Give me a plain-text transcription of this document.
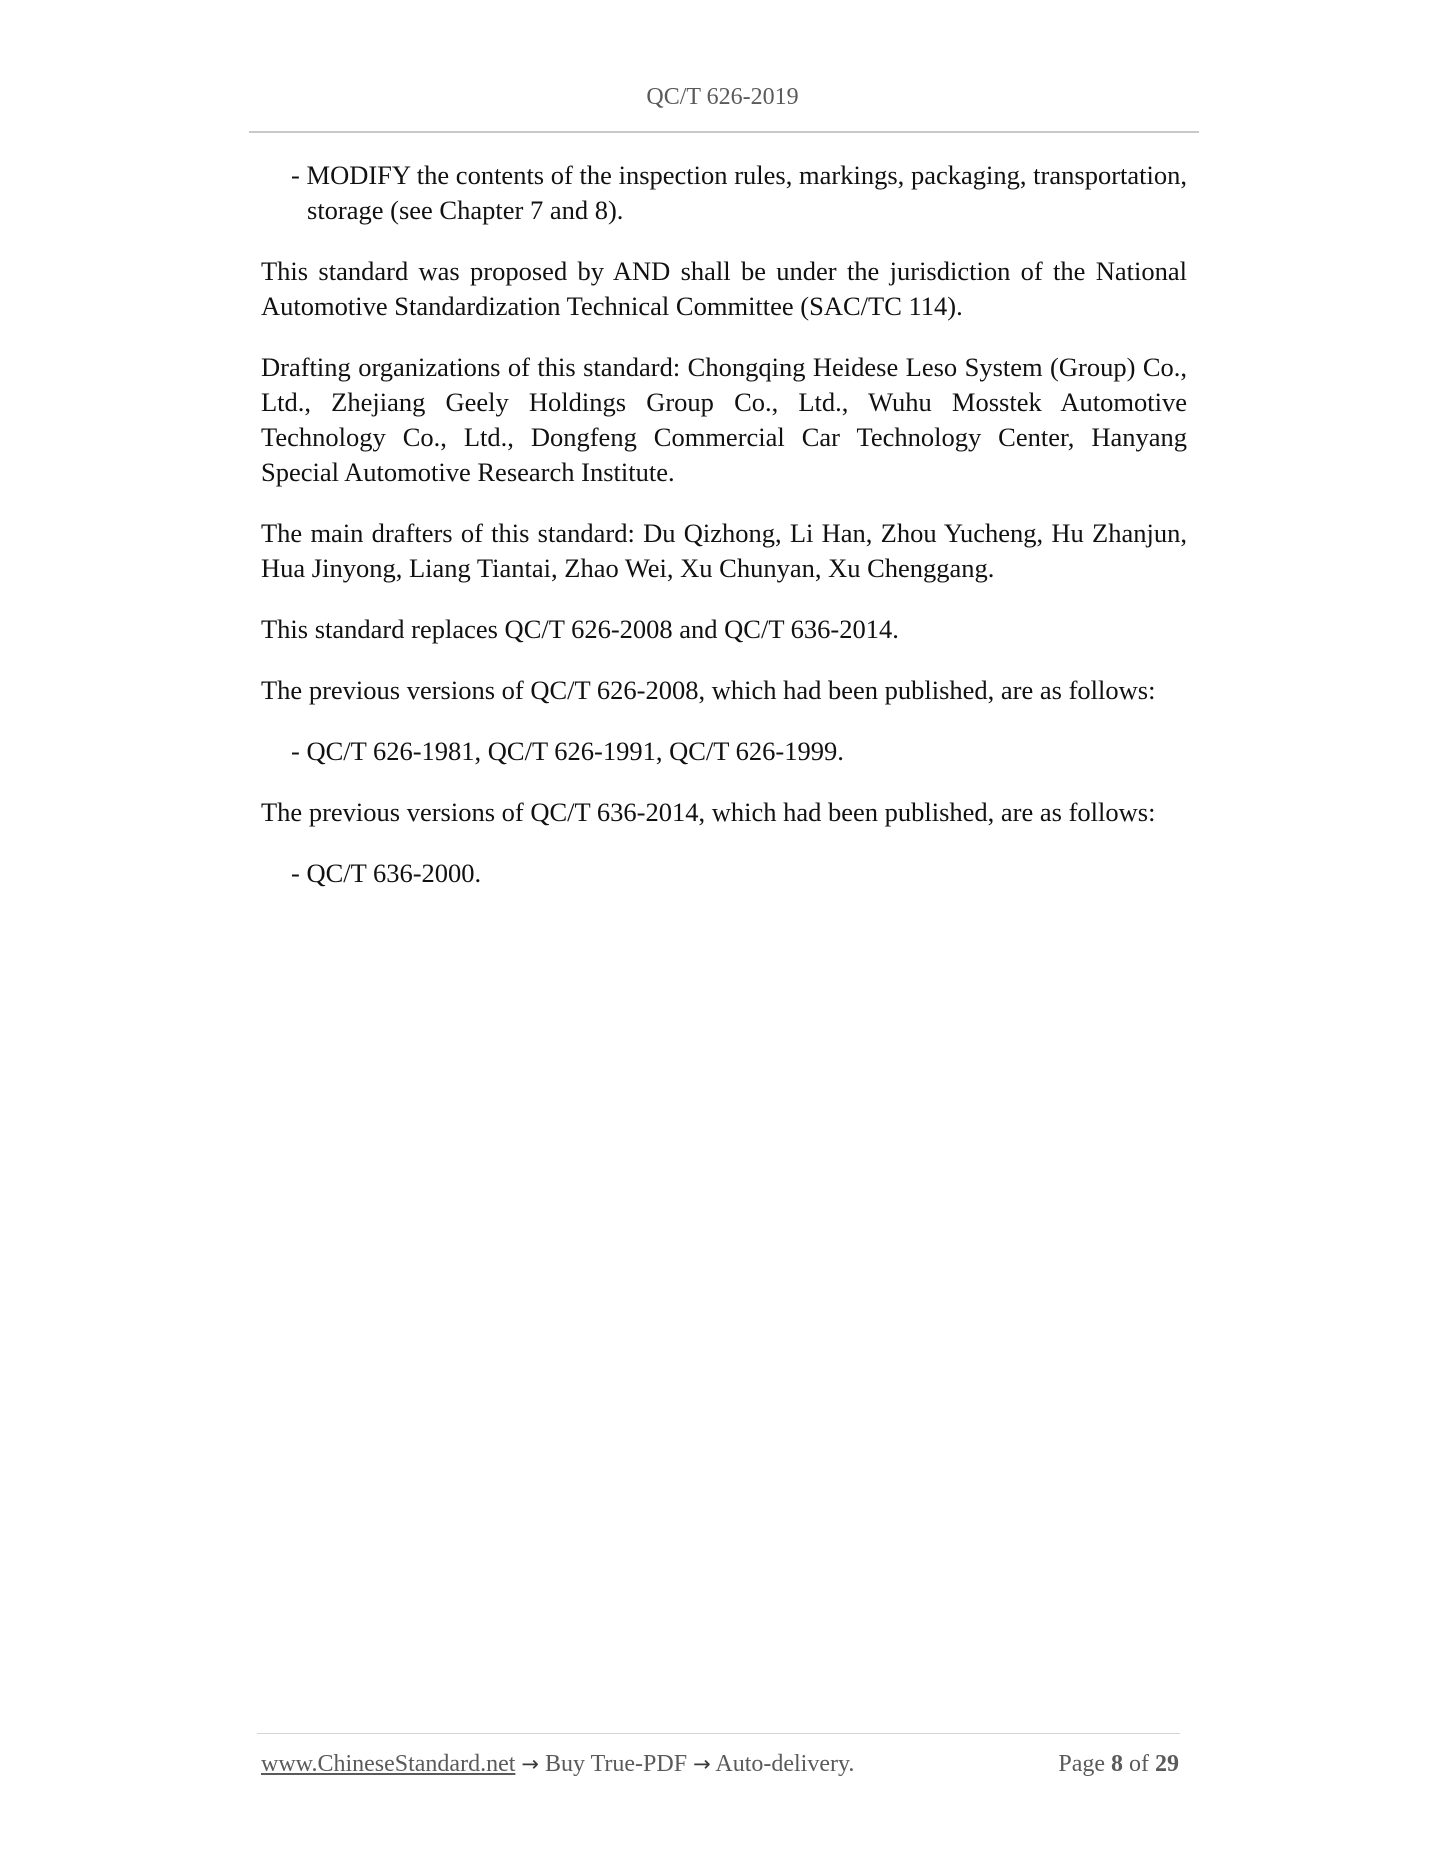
QC/T 626-2019

- MODIFY the contents of the inspection rules, markings, packaging, transportation, storage (see Chapter 7 and 8).

This standard was proposed by AND shall be under the jurisdiction of the National Automotive Standardization Technical Committee (SAC/TC 114).

Drafting organizations of this standard: Chongqing Heidese Leso System (Group) Co., Ltd., Zhejiang Geely Holdings Group Co., Ltd., Wuhu Mosstek Automotive Technology Co., Ltd., Dongfeng Commercial Car Technology Center, Hanyang Special Automotive Research Institute.

The main drafters of this standard: Du Qizhong, Li Han, Zhou Yucheng, Hu Zhanjun, Hua Jinyong, Liang Tiantai, Zhao Wei, Xu Chunyan, Xu Chenggang.

This standard replaces QC/T 626-2008 and QC/T 636-2014.

The previous versions of QC/T 626-2008, which had been published, are as follows:

- QC/T 626-1981, QC/T 626-1991, QC/T 626-1999.

The previous versions of QC/T 636-2014, which had been published, are as follows:

- QC/T 636-2000.

www.ChineseStandard.net → Buy True-PDF → Auto-delivery.	Page 8 of 29
